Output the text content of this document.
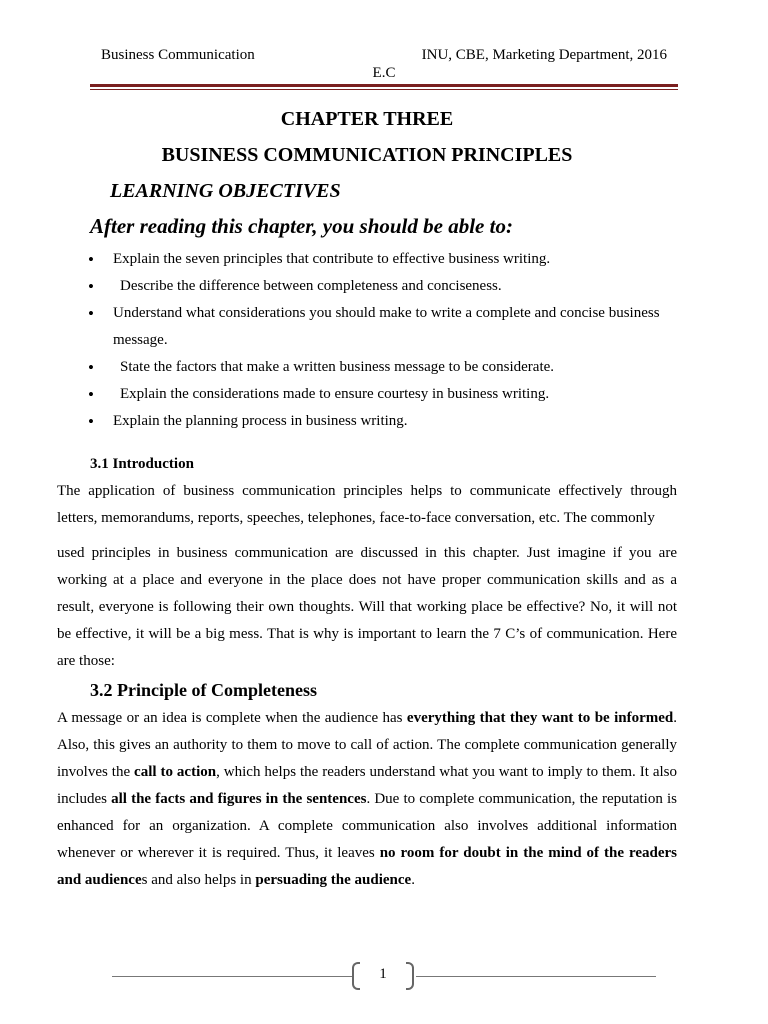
Business Communication	INU, CBE, Marketing Department, 2016
E.C
CHAPTER THREE
BUSINESS COMMUNICATION PRINCIPLES
LEARNING OBJECTIVES
After reading this chapter, you should be able to:
• Explain the seven principles that contribute to effective business writing.
• Describe the difference between completeness and conciseness.
• Understand what considerations you should make to write a complete and concise business message.
• State the factors that make a written business message to be considerate.
• Explain the considerations made to ensure courtesy in business writing.
• Explain the planning process in business writing.
3.1 Introduction

The application of business communication principles helps to communicate effectively through letters, memorandums, reports, speeches, telephones, face-to-face conversation, etc. The commonly

used principles in business communication are discussed in this chapter. Just imagine if you are working at a place and everyone in the place does not have proper communication skills and as a result, everyone is following their own thoughts. Will that working place be effective? No, it will not be effective, it will be a big mess. That is why is important to learn the 7 C’s of communication. Here are those:

3.2 Principle of Completeness

A message or an idea is complete when the audience has everything that they want to be informed. Also, this gives an authority to them to move to call of action. The complete communication generally involves the call to action, which helps the readers understand what you want to imply to them. It also includes all the facts and figures in the sentences. Due to complete communication, the reputation is enhanced for an organization. A complete communication also involves additional information whenever or wherever it is required. Thus, it leaves no room for doubt in the mind of the readers and audiences and also helps in persuading the audience.

1
